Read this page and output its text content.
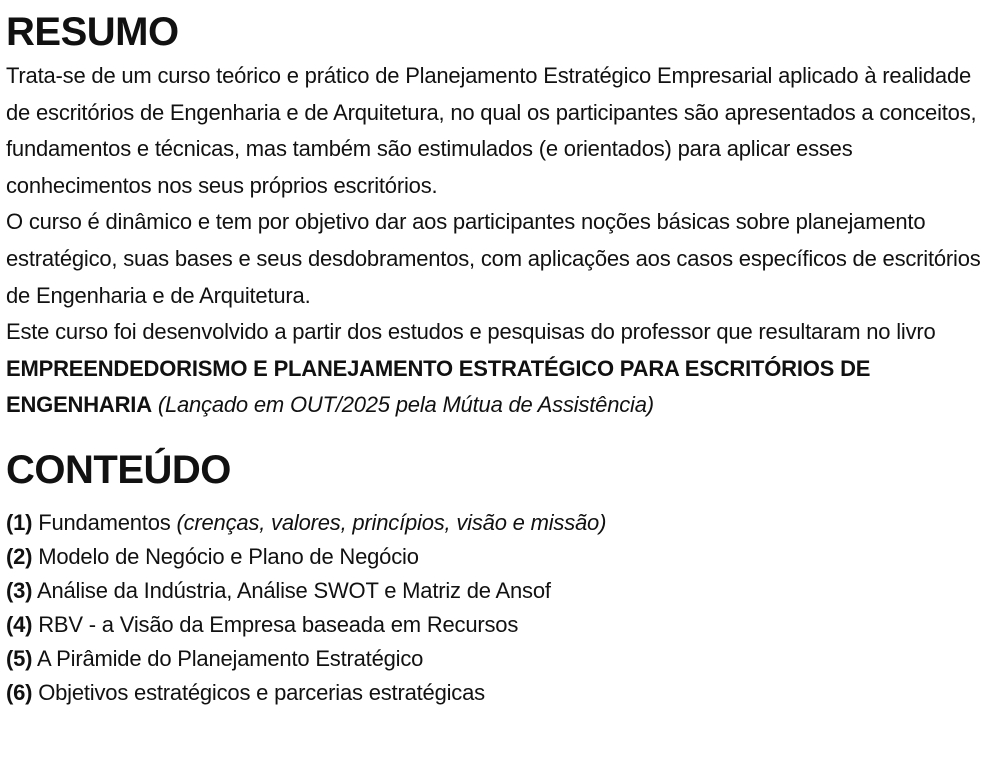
RESUMO

Trata-se de um curso teórico e prático de Planejamento Estratégico Empresarial aplicado à realidade de escritórios de Engenharia e de Arquitetura, no qual os participantes são apresentados a conceitos, fundamentos e técnicas, mas também são estimulados (e orientados) para aplicar esses conhecimentos nos seus próprios escritórios.

O curso é dinâmico e tem por objetivo dar aos participantes noções básicas sobre planejamento estratégico, suas bases e seus desdobramentos, com aplicações aos casos específicos de escritórios de Engenharia e de Arquitetura.

Este curso foi desenvolvido a partir dos estudos e pesquisas do professor que resultaram no livro EMPREENDEDORISMO E PLANEJAMENTO ESTRATÉGICO PARA ESCRITÓRIOS DE ENGENHARIA (Lançado em OUT/2025 pela Mútua de Assistência)

CONTEÚDO

(1) Fundamentos (crenças, valores, princípios, visão e missão)

(2) Modelo de Negócio e Plano de Negócio

(3) Análise da Indústria, Análise SWOT e Matriz de Ansof

(4) RBV - a Visão da Empresa baseada em Recursos

(5) A Pirâmide do Planejamento Estratégico

(6) Objetivos estratégicos e parcerias estratégicas
